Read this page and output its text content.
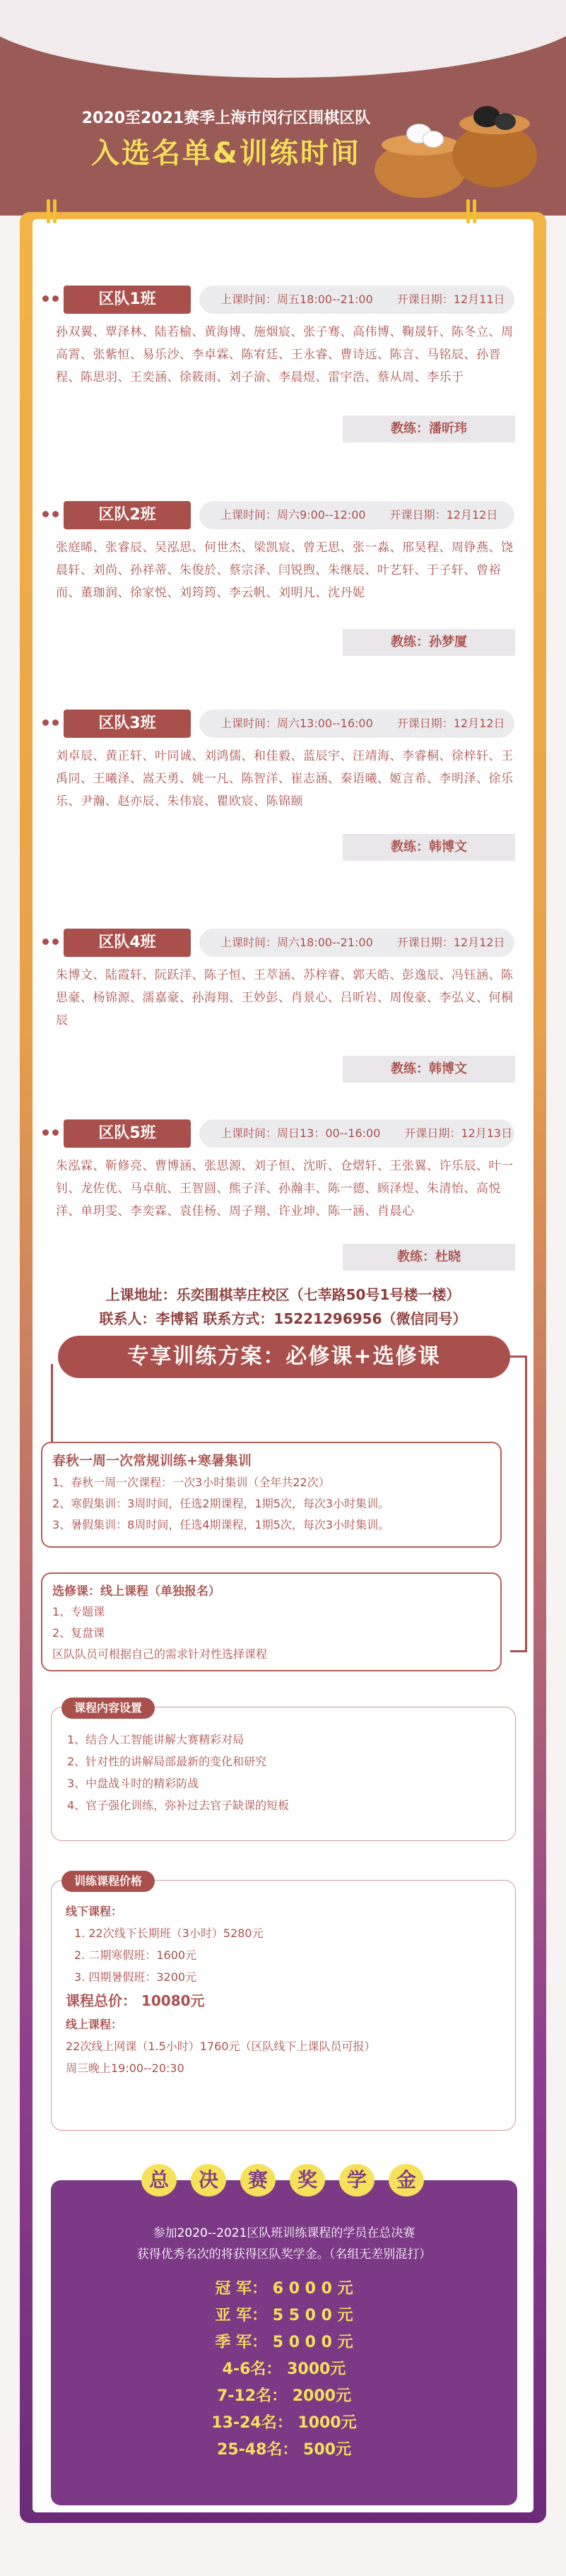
2020至2021赛季上海市闵行区围棋区队
入选名单&训练时间
区队1班	上课时间：周五18:00--21:00 开课日期：12月11日
孙双翼、覃泽林、陆若榆、黄海博、施烟宸、张子骞、高伟博、鞠晟轩、陈冬立、周高霄、张紫恒、易乐沙、李卓霖、陈宥廷、王永睿、曹诗远、陈言、马铭辰、孙晋程、陈思羽、王奕涵、徐筱雨、刘子渝、李晨煜、雷宇浩、蔡从周、李乐于
教练：潘昕玮
区队2班	上课时间：周六9:00--12:00 开课日期：12月12日
张庭晞、张睿辰、吴泓思、何世杰、梁凯宸、曾无思、张一淼、邢昊程、周铮燕、饶晨轩、刘尚、孙祥蒂、朱俊於、蔡宗泽、闫锐煦、朱继辰、叶艺轩、于子轩、曾裕而、董珈润、徐家悦、刘筠筠、李云帆、刘明凡、沈丹妮
教练：孙梦厦
区队3班	上课时间：周六13:00--16:00 开课日期：12月12日
刘卓辰、黄正轩、叶同诚、刘鸿儒、和佳毅、蓝辰宇、汪靖海、李睿桐、徐梓轩、王禹同、王曦泽、嵩天勇、姚一凡、陈智洋、崔志涵、秦语曦、姬言希、李明泽、徐乐乐、尹瀚、赵亦辰、朱伟宸、瞿欧宸、陈锦颐
教练：韩博文
区队4班	上课时间：周六18:00--21:00 开课日期：12月12日
朱博文、陆霞轩、阮跃洋、陈子恒、王萃涵、苏梓睿、郭天皓、彭逸辰、冯钰涵、陈思豪、杨锦源、濡嘉豪、孙海翔、王妙彭、肖景心、吕昕岩、周俊豪、李弘义、何桐辰
教练：韩博文
区队5班	上课时间：周日13：00--16:00 开课日期：12月13日
朱泓霖、靳修亮、曹博涵、张思源、刘子恒、沈昕、仓熠轩、王张翼、许乐辰、叶一钊、龙佐优、马卓航、王智圆、熊子洋、孙瀚丰、陈一德、顾泽煜、朱清怡、高悦洋、单玥雯、李奕霖、袁佳杨、周子翔、许业坤、陈一涵、肖晨心
教练：杜晓
上课地址：乐奕围棋莘庄校区（七莘路50号1号楼一楼）
联系人：李博韬 联系方式：15221296956（微信同号）
专享训练方案：必修课+选修课
春秋一周一次常规训练+寒暑集训

1、春秋一周一次课程：一次3小时集训（全年共22次）

2、寒假集训：3周时间，任选2期课程，1期5次，每次3小时集训。

3、暑假集训：8周时间，任选4期课程，1期5次，每次3小时集训。

选修课：线上课程（单独报名）

1、专题课

2、复盘课

区队队员可根据自己的需求针对性选择课程

课程内容设置

1、结合人工智能讲解大赛精彩对局

2、针对性的讲解局部最新的变化和研究

3、中盘战斗时的精彩防战

4、官子强化训练，弥补过去官子缺课的短板

训练课程价格

线下课程：

1. 22次线下长期班（3小时）5280元

2. 二期寒假班：1600元

3. 四期暑假班：3200元

课程总价： 10080元

线上课程：

22次线上网课（1.5小时）1760元（区队线下上课队员可报）

周三晚上19:00--20:30

总 决 赛 奖 学 金
参加2020--2021区队班训练课程的学员在总决赛
获得优秀名次的将获得区队奖学金。（名组无差别混打）
冠 军： 6 0 0 0 元
亚 军： 5 5 0 0 元
季 军： 5 0 0 0 元
4-6名： 3000元
7-12名： 2000元
13-24名： 1000元
25-48名： 500元
